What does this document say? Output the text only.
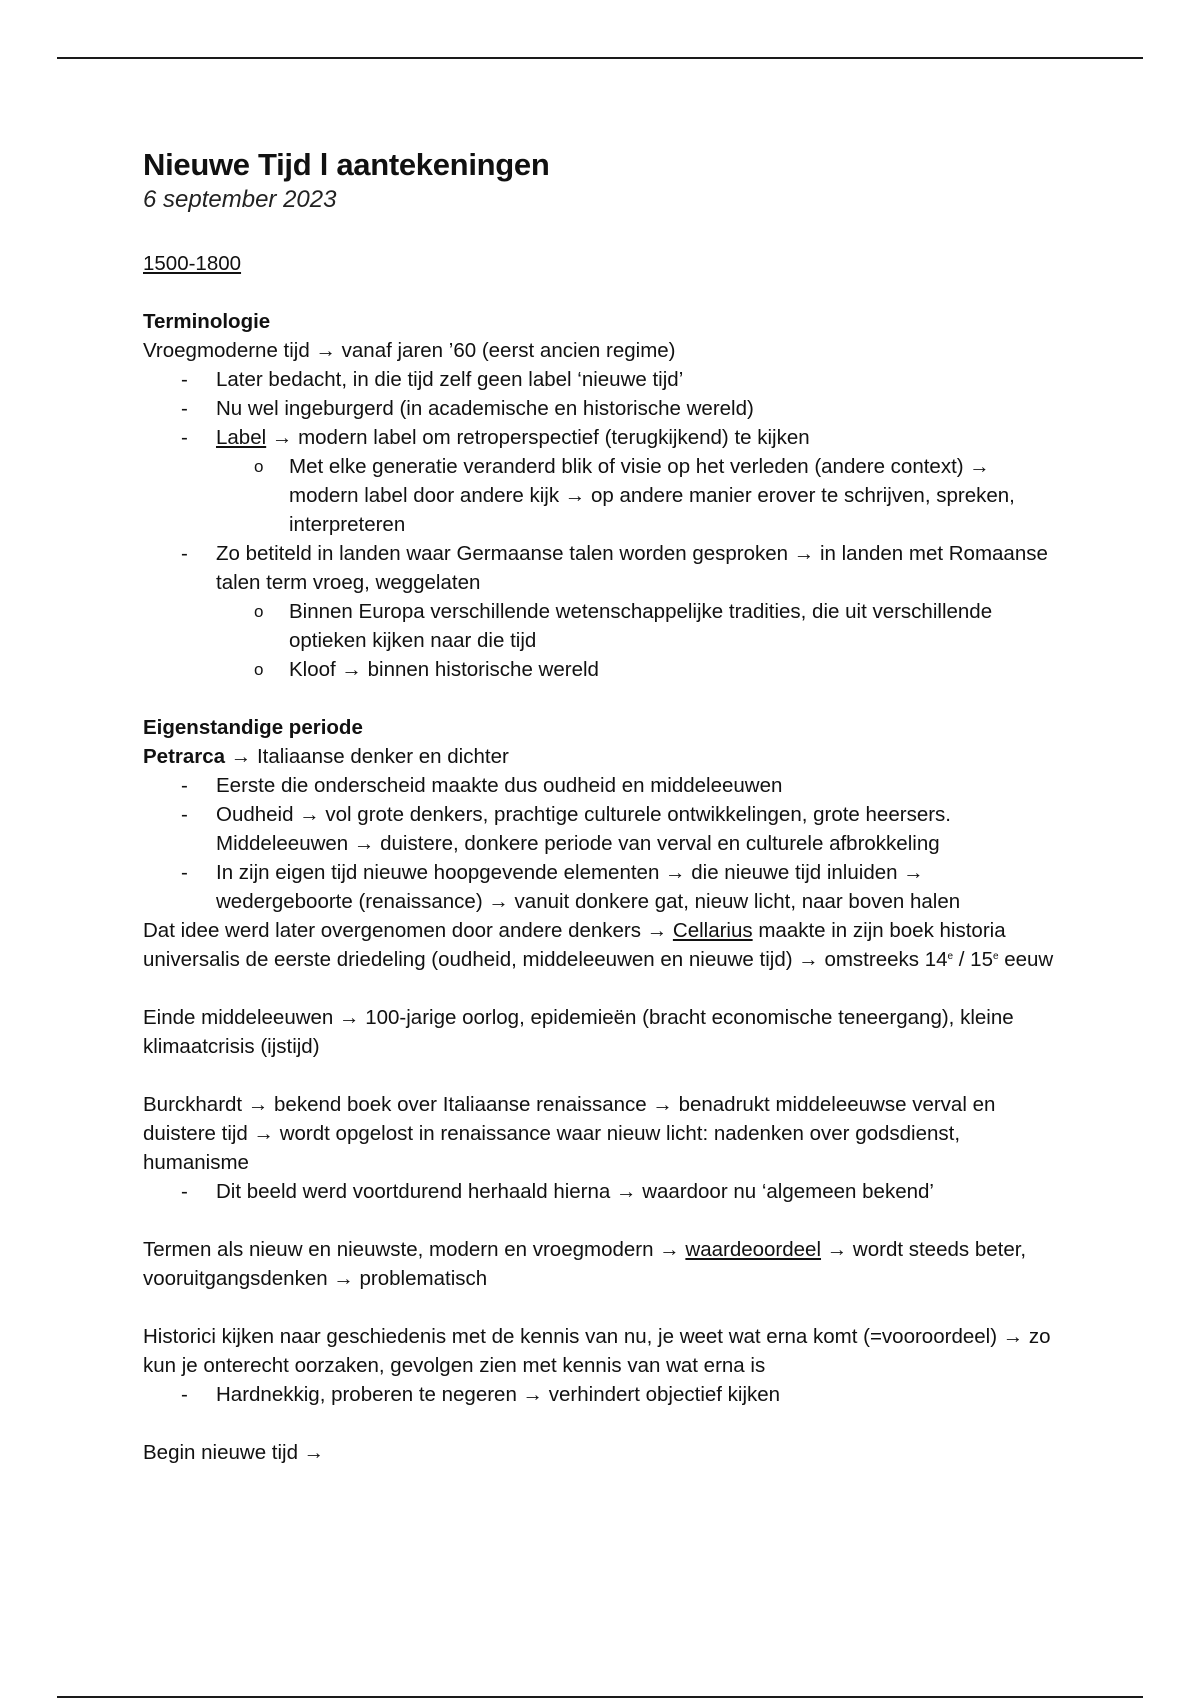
Nieuwe Tijd l aantekeningen
6 september 2023

1500-1800

Terminologie

Vroegmoderne tijd → vanaf jaren ’60 (eerst ancien regime)

- Later bedacht, in die tijd zelf geen label ‘nieuwe tijd’
- Nu wel ingeburgerd (in academische en historische wereld)
- Label → modern label om retroperspectief (terugkijkend) te kijken
o Met elke generatie veranderd blik of visie op het verleden (andere context) → modern label door andere kijk → op andere manier erover te schrijven, spreken, interpreteren
- Zo betiteld in landen waar Germaanse talen worden gesproken → in landen met Romaanse talen term vroeg, weggelaten
o Binnen Europa verschillende wetenschappelijke tradities, die uit verschillende optieken kijken naar die tijd
o Kloof → binnen historische wereld

Eigenstandige periode

Petrarca → Italiaanse denker en dichter

- Eerste die onderscheid maakte dus oudheid en middeleeuwen
- Oudheid → vol grote denkers, prachtige culturele ontwikkelingen, grote heersers. Middeleeuwen → duistere, donkere periode van verval en culturele afbrokkeling
- In zijn eigen tijd nieuwe hoopgevende elementen → die nieuwe tijd inluiden → wedergeboorte (renaissance) → vanuit donkere gat, nieuw licht, naar boven halen

Dat idee werd later overgenomen door andere denkers → Cellarius maakte in zijn boek historia universalis de eerste driedeling (oudheid, middeleeuwen en nieuwe tijd) → omstreeks 14e / 15e eeuw

Einde middeleeuwen → 100-jarige oorlog, epidemieën (bracht economische teneergang), kleine klimaatcrisis (ijstijd)

Burckhardt → bekend boek over Italiaanse renaissance → benadrukt middeleeuwse verval en duistere tijd → wordt opgelost in renaissance waar nieuw licht: nadenken over godsdienst, humanisme

- Dit beeld werd voortdurend herhaald hierna → waardoor nu ‘algemeen bekend’

Termen als nieuw en nieuwste, modern en vroegmodern → waardeoordeel → wordt steeds beter, vooruitgangsdenken → problematisch

Historici kijken naar geschiedenis met de kennis van nu, je weet wat erna komt (=vooroordeel) → zo kun je onterecht oorzaken, gevolgen zien met kennis van wat erna is

- Hardnekkig, proberen te negeren → verhindert objectief kijken

Begin nieuwe tijd →
